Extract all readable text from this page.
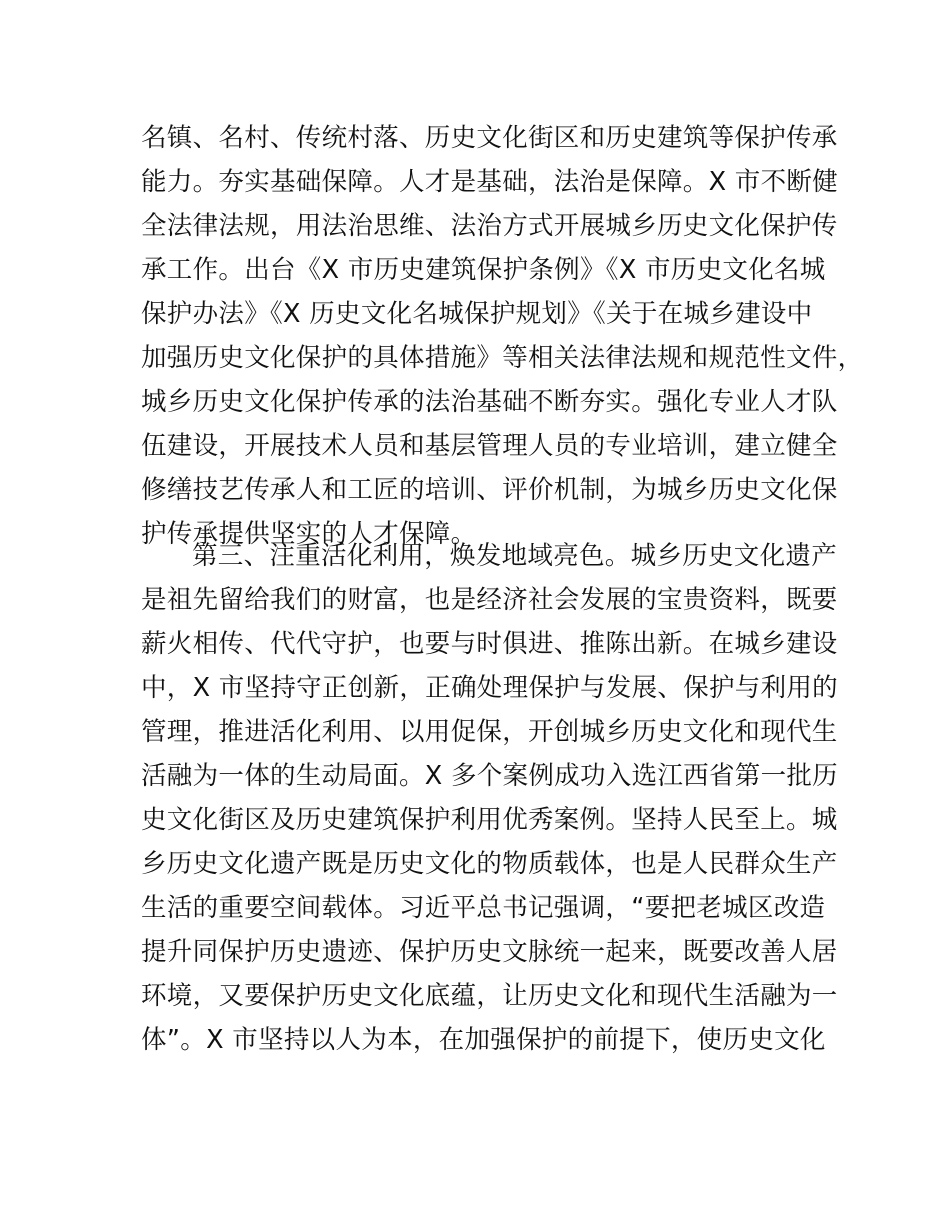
名镇、名村、传统村落、历史文化街区和历史建筑等保护传承
能力。夯实基础保障。人才是基础，法治是保障。X 市不断健
全法律法规，用法治思维、法治方式开展城乡历史文化保护传
承工作。出台《X 市历史建筑保护条例》《X 市历史文化名城
保护办法》《X 历史文化名城保护规划》《关于在城乡建设中
加强历史文化保护的具体措施》等相关法律法规和规范性文件，
城乡历史文化保护传承的法治基础不断夯实。强化专业人才队
伍建设，开展技术人员和基层管理人员的专业培训，建立健全
修缮技艺传承人和工匠的培训、评价机制，为城乡历史文化保
护传承提供坚实的人才保障。
第三、注重活化利用，焕发地域亮色。城乡历史文化遗产
是祖先留给我们的财富，也是经济社会发展的宝贵资料，既要
薪火相传、代代守护，也要与时俱进、推陈出新。在城乡建设
中，X 市坚持守正创新，正确处理保护与发展、保护与利用的
管理，推进活化利用、以用促保，开创城乡历史文化和现代生
活融为一体的生动局面。X 多个案例成功入选江西省第一批历
史文化街区及历史建筑保护利用优秀案例。坚持人民至上。城
乡历史文化遗产既是历史文化的物质载体，也是人民群众生产
生活的重要空间载体。习近平总书记强调，“要把老城区改造
提升同保护历史遗迹、保护历史文脉统一起来，既要改善人居
环境，又要保护历史文化底蕴，让历史文化和现代生活融为一
体”。X 市坚持以人为本，在加强保护的前提下，使历史文化
